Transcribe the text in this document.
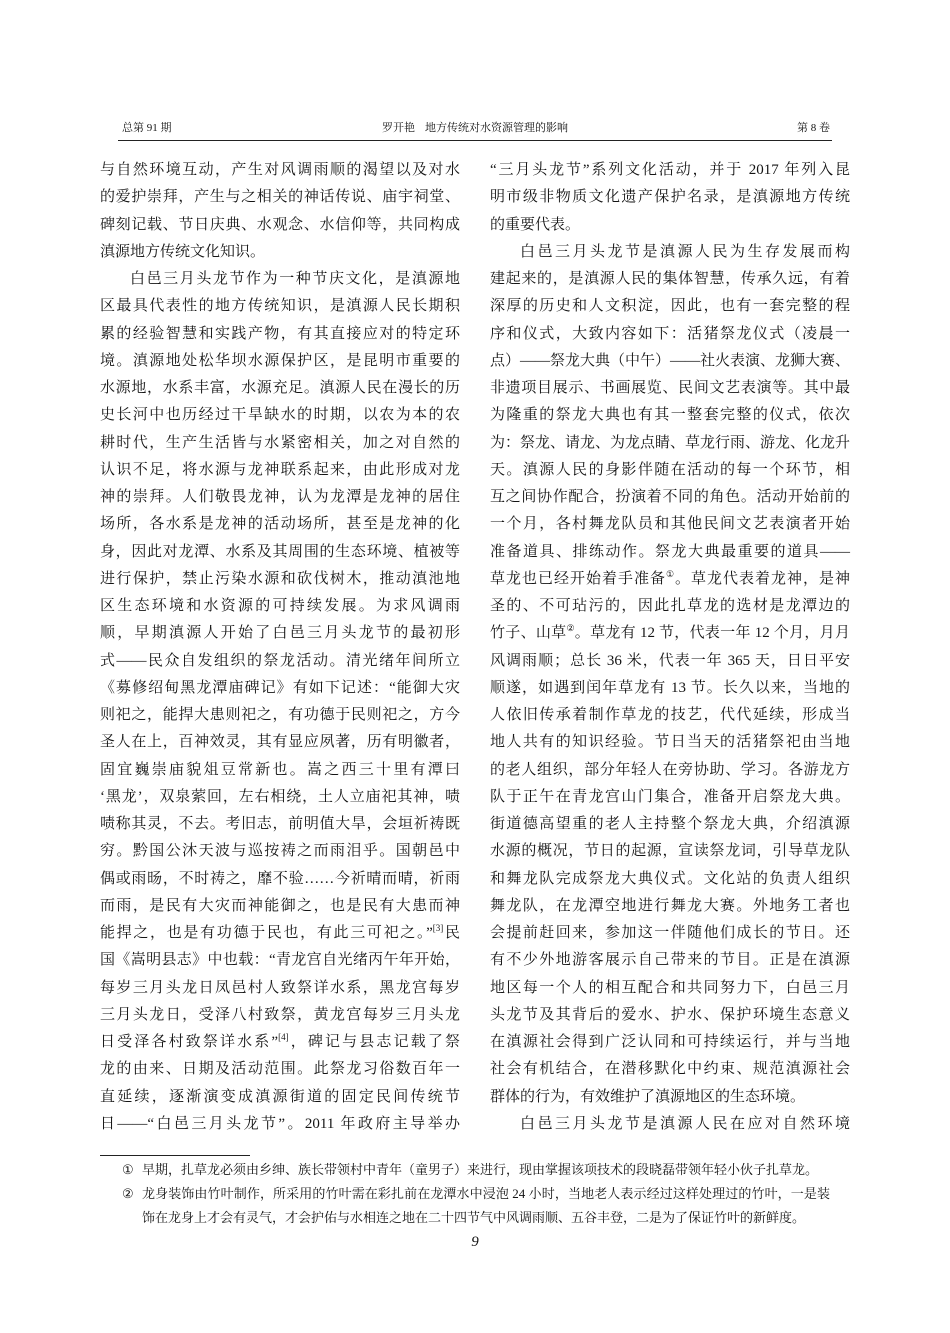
总第 91 期	罗开艳 地方传统对水资源管理的影响	第 8 卷
与自然环境互动，产生对风调雨顺的渴望以及对水
的爱护崇拜，产生与之相关的神话传说、庙宇祠堂、
碑刻记载、节日庆典、水观念、水信仰等，共同构成
滇源地方传统文化知识。
白邑三月头龙节作为一种节庆文化，是滇源地
区最具代表性的地方传统知识，是滇源人民长期积
累的经验智慧和实践产物，有其直接应对的特定环
境。滇源地处松华坝水源保护区，是昆明市重要的
水源地，水系丰富，水源充足。滇源人民在漫长的历
史长河中也历经过干旱缺水的时期，以农为本的农
耕时代，生产生活皆与水紧密相关，加之对自然的
认识不足，将水源与龙神联系起来，由此形成对龙
神的崇拜。人们敬畏龙神，认为龙潭是龙神的居住
场所，各水系是龙神的活动场所，甚至是龙神的化
身，因此对龙潭、水系及其周围的生态环境、植被等
进行保护，禁止污染水源和砍伐树木，推动滇池地
区生态环境和水资源的可持续发展。为求风调雨
顺，早期滇源人开始了白邑三月头龙节的最初形
式——民众自发组织的祭龙活动。清光绪年间所立
《募修绍甸黑龙潭庙碑记》有如下记述：“能御大灾
则祀之，能捍大患则祀之，有功德于民则祀之，方今
圣人在上，百神效灵，其有显应夙著，历有明徽者，
固宜巍崇庙貌俎豆常新也。嵩之西三十里有潭曰
‘黑龙’，双泉萦回，左右相绕，土人立庙祀其神，啧
啧称其灵，不去。考旧志，前明值大旱，会垣祈祷既
穷。黔国公沐天波与巡按祷之而雨泪乎。国朝邑中
偶或雨旸，不时祷之，靡不验……今祈晴而晴，祈雨
而雨，是民有大灾而神能御之，也是民有大患而神
能捍之，也是有功德于民也，有此三可祀之。”[3]民
国《嵩明县志》中也载：“青龙宫自光绪丙午年开始，
每岁三月头龙日凤邑村人致祭详水系，黑龙宫每岁
三月头龙日，受泽八村致祭，黄龙宫每岁三月头龙
日受泽各村致祭详水系”[4]，碑记与县志记载了祭
龙的由来、日期及活动范围。此祭龙习俗数百年一
直延续，逐渐演变成滇源街道的固定民间传统节
日——“白邑三月头龙节”。2011 年政府主导举办
“三月头龙节”系列文化活动，并于 2017 年列入昆
明市级非物质文化遗产保护名录，是滇源地方传统
的重要代表。
白邑三月头龙节是滇源人民为生存发展而构
建起来的，是滇源人民的集体智慧，传承久远，有着
深厚的历史和人文积淀，因此，也有一套完整的程
序和仪式，大致内容如下：活猪祭龙仪式（凌晨一
点）——祭龙大典（中午）——社火表演、龙狮大赛、
非遗项目展示、书画展览、民间文艺表演等。其中最
为隆重的祭龙大典也有其一整套完整的仪式，依次
为：祭龙、请龙、为龙点睛、草龙行雨、游龙、化龙升
天。滇源人民的身影伴随在活动的每一个环节，相
互之间协作配合，扮演着不同的角色。活动开始前的
一个月，各村舞龙队员和其他民间文艺表演者开始
准备道具、排练动作。祭龙大典最重要的道具——
草龙也已经开始着手准备①。草龙代表着龙神，是神
圣的、不可玷污的，因此扎草龙的选材是龙潭边的
竹子、山草②。草龙有 12 节，代表一年 12 个月，月月
风调雨顺；总长 36 米，代表一年 365 天，日日平安
顺遂，如遇到闰年草龙有 13 节。长久以来，当地的
人依旧传承着制作草龙的技艺，代代延续，形成当
地人共有的知识经验。节日当天的活猪祭祀由当地
的老人组织，部分年轻人在旁协助、学习。各游龙方
队于正午在青龙宫山门集合，准备开启祭龙大典。
街道德高望重的老人主持整个祭龙大典，介绍滇源
水源的概况，节日的起源，宣读祭龙词，引导草龙队
和舞龙队完成祭龙大典仪式。文化站的负责人组织
舞龙队，在龙潭空地进行舞龙大赛。外地务工者也
会提前赶回来，参加这一伴随他们成长的节日。还
有不少外地游客展示自己带来的节目。正是在滇源
地区每一个人的相互配合和共同努力下，白邑三月
头龙节及其背后的爱水、护水、保护环境生态意义
在滇源社会得到广泛认同和可持续运行，并与当地
社会有机结合，在潜移默化中约束、规范滇源社会
群体的行为，有效维护了滇源地区的生态环境。
白邑三月头龙节是滇源人民在应对自然环境
① 早期，扎草龙必须由乡绅、族长带领村中青年（童男子）来进行，现由掌握该项技术的段晓磊带领年轻小伙子扎草龙。
② 龙身装饰由竹叶制作，所采用的竹叶需在彩扎前在龙潭水中浸泡 24 小时，当地老人表示经过这样处理过的竹叶，一是装
饰在龙身上才会有灵气，才会护佑与水相连之地在二十四节气中风调雨顺、五谷丰登，二是为了保证竹叶的新鲜度。
9
